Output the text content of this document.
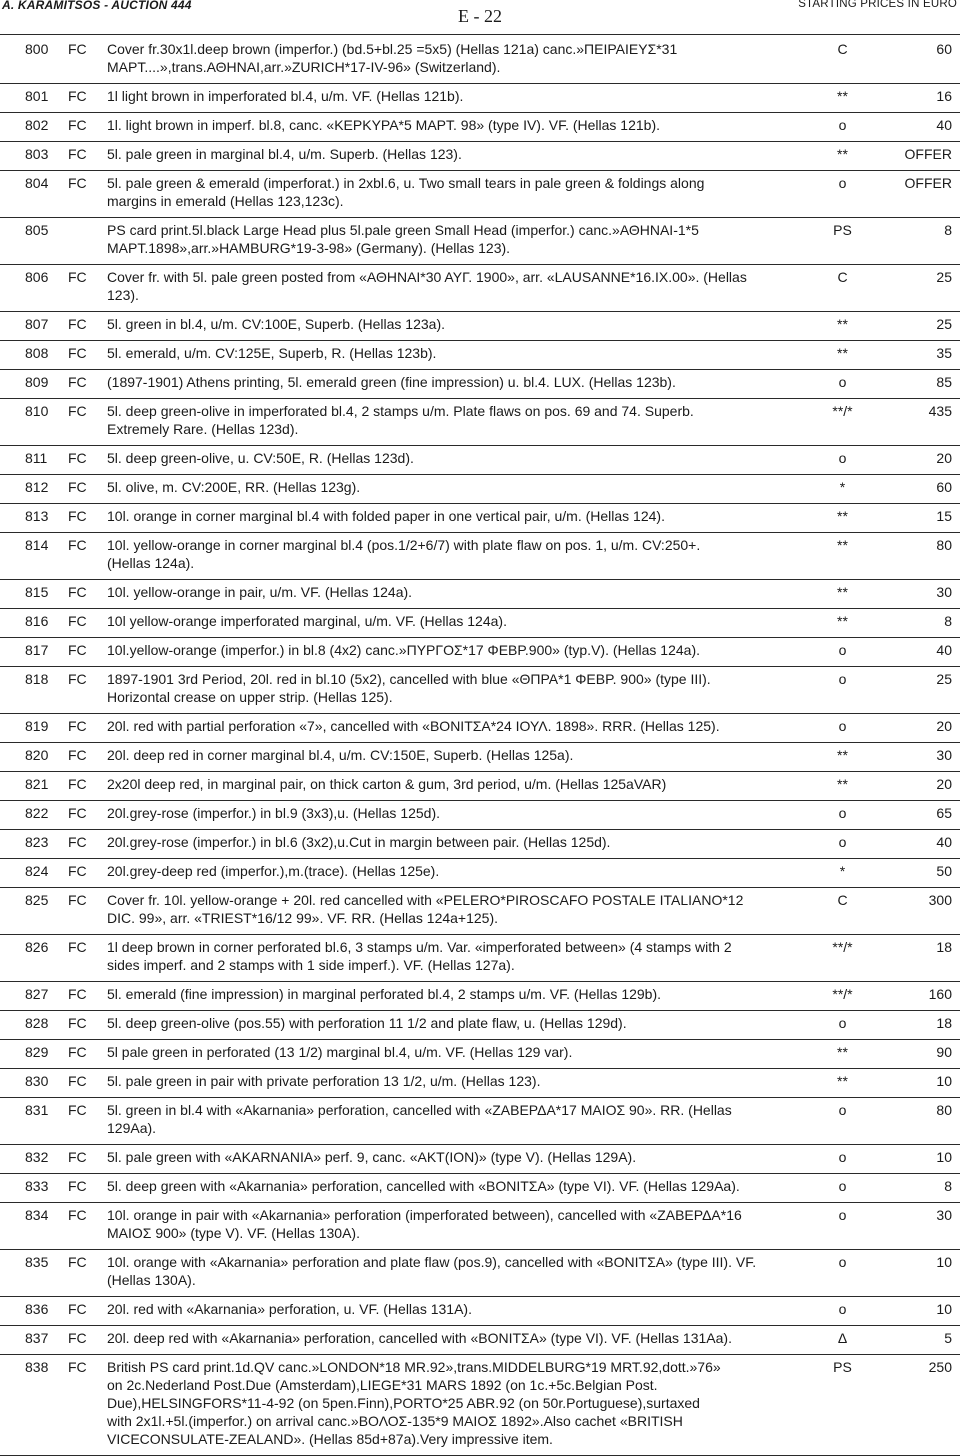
A. KARAMITSOS - AUCTION 444
E - 22
STARTING PRICES IN EURO
800 FC Cover fr.30x1l.deep brown (imperfor.) (bd.5+bl.25 =5x5) (Hellas 121a) canc.»ΠΕΙΡΑΙΕΥΣ*31
ΜΑΡΤ....»,trans.ΑΘΗΝΑΙ,arr.»ZURICH*17-IV-96» (Switzerland).
C	60
801 FC 1l light brown in imperforated bl.4, u/m. VF. (Hellas 121b).	**	16
802 FC 1l. light brown in imperf. bl.8, canc. «ΚΕΡΚΥΡΑ*5 ΜΑΡΤ. 98» (type IV). VF. (Hellas 121b).	o	40
803 FC 5l. pale green in marginal bl.4, u/m. Superb. (Hellas 123).	**	OFFER
804 FC 5l. pale green & emerald (imperforat.) in 2xbl.6, u. Two small tears in pale green & foldings along
margins in emerald (Hellas 123,123c).
o	OFFER
805	PS card print.5l.black Large Head plus 5l.pale green Small Head (imperfor.) canc.»ΑΘΗΝΑΙ-1*5
ΜΑΡΤ.1898»,arr.»HAMBURG*19-3-98» (Germany). (Hellas 123).
PS	8
806 FC Cover fr. with 5l. pale green posted from «ΑΘΗΝΑΙ*30 ΑΥΓ. 1900», arr. «LAUSANNE*16.IX.00». (Hellas
123).
C	25
807 FC 5l. green in bl.4, u/m. CV:100E, Superb. (Hellas 123a).	**	25
808 FC 5l. emerald, u/m. CV:125E, Superb, R. (Hellas 123b).	**	35
809 FC (1897-1901) Athens printing, 5l. emerald green (fine impression) u. bl.4. LUX. (Hellas 123b).	o	85
810 FC 5l. deep green-olive in imperforated bl.4, 2 stamps u/m. Plate flaws on pos. 69 and 74. Superb.
Extremely Rare. (Hellas 123d).
**/*	435
811 FC 5l. deep green-olive, u. CV:50E, R. (Hellas 123d).	o	20
812 FC 5l. olive, m. CV:200E, RR. (Hellas 123g).	*	60
813 FC 10l. orange in corner marginal bl.4 with folded paper in one vertical pair, u/m. (Hellas 124).	**	15
814 FC 10l. yellow-orange in corner marginal bl.4 (pos.1/2+6/7) with plate flaw on pos. 1, u/m. CV:250+.
(Hellas 124a).
**	80
815 FC 10l. yellow-orange in pair, u/m. VF. (Hellas 124a).	**	30
816 FC 10l yellow-orange imperforated marginal, u/m. VF. (Hellas 124a).	**	8
817 FC 10l.yellow-orange (imperfor.) in bl.8 (4x2) canc.»ΠΥΡΓΟΣ*17 ΦΕΒΡ.900» (typ.V). (Hellas 124a).	o	40
818 FC 1897-1901 3rd Period, 20l. red in bl.10 (5x2), cancelled with blue «ΘΠΡΑ*1 ΦΕΒΡ. 900» (type III).
Horizontal crease on upper strip. (Hellas 125).
o	25
819 FC 20l. red with partial perforation «7», cancelled with «ΒΟΝΙΤΣΑ*24 ΙΟΥΛ. 1898». RRR. (Hellas 125).	o	20
820 FC 20l. deep red in corner marginal bl.4, u/m. CV:150E, Superb. (Hellas 125a).	**	30
821 FC 2x20l deep red, in marginal pair, on thick carton & gum, 3rd period, u/m. (Hellas 125aVAR)	**	20
822 FC 20l.grey-rose (imperfor.) in bl.9 (3x3),u. (Hellas 125d).	o	65
823 FC 20l.grey-rose (imperfor.) in bl.6 (3x2),u.Cut in margin between pair. (Hellas 125d).	o	40
824 FC 20l.grey-deep red (imperfor.),m.(trace). (Hellas 125e).	*	50
825 FC Cover fr. 10l. yellow-orange + 20l. red cancelled with «PELERO*PIROSCAFO POSTALE ITALIANO*12
DIC. 99», arr. «TRIEST*16/12 99». VF. RR. (Hellas 124a+125).
C	300
826 FC 1l deep brown in corner perforated bl.6, 3 stamps u/m. Var. «imperforated between» (4 stamps with 2
sides imperf. and 2 stamps with 1 side imperf.). VF. (Hellas 127a).
**/*	18
827 FC 5l. emerald (fine impression) in marginal perforated bl.4, 2 stamps u/m. VF. (Hellas 129b).	**/*	160
828 FC 5l. deep green-olive (pos.55) with perforation 11 1/2 and plate flaw, u. (Hellas 129d).	o	18
829 FC 5l pale green in perforated (13 1/2) marginal bl.4, u/m. VF. (Hellas 129 var).	**	90
830 FC 5l. pale green in pair with private perforation 13 1/2, u/m. (Hellas 123).	**	10
831 FC 5l. green in bl.4 with «Akarnania» perforation, cancelled with «ΖΑΒΕΡΔΑ*17 ΜΑΙΟΣ 90». RR. (Hellas
129Aa).
o	80
832 FC 5l. pale green with «AKARNANIA» perf. 9, canc. «ΑΚΤ(ΙΟΝ)» (type V). (Hellas 129A).	o	10
833 FC 5l. deep green with «Akarnania» perforation, cancelled with «ΒΟΝΙΤΣΑ» (type VI). VF. (Hellas 129Aa).	o	8
834 FC 10l. orange in pair with «Akarnania» perforation (imperforated between), cancelled with «ΖΑΒΕΡΔΑ*16
ΜΑΙΟΣ 900» (type V). VF. (Hellas 130A).
o	30
835 FC 10l. orange with «Akarnania» perforation and plate flaw (pos.9), cancelled with «ΒΟΝΙΤΣΑ» (type III). VF.
(Hellas 130A).
o	10
836 FC 20l. red with «Akarnania» perforation, u. VF. (Hellas 131A).	o	10
837 FC 20l. deep red with «Akarnania» perforation, cancelled with «ΒΟΝΙΤΣΑ» (type VI). VF. (Hellas 131Aa).	Δ	5
838 FC British PS card print.1d.QV canc.»LONDON*18 MR.92»,trans.MIDDELBURG*19 MRT.92,dott.»76»
on 2c.Nederland Post.Due (Amsterdam),LIEGE*31 MARS 1892 (on 1c.+5c.Belgian Post.
Due),HELSINGFORS*11-4-92 (on 5pen.Finn),PORTO*25 ABR.92 (on 50r.Portuguese),surtaxed
with 2x1l.+5l.(imperfor.) on arrival canc.»ΒΟΛΟΣ-135*9 ΜΑΙΟΣ 1892».Also cachet «BRITISH
VICECONSULATE-ZEALAND». (Hellas 85d+87a).Very impressive item.
PS	250
